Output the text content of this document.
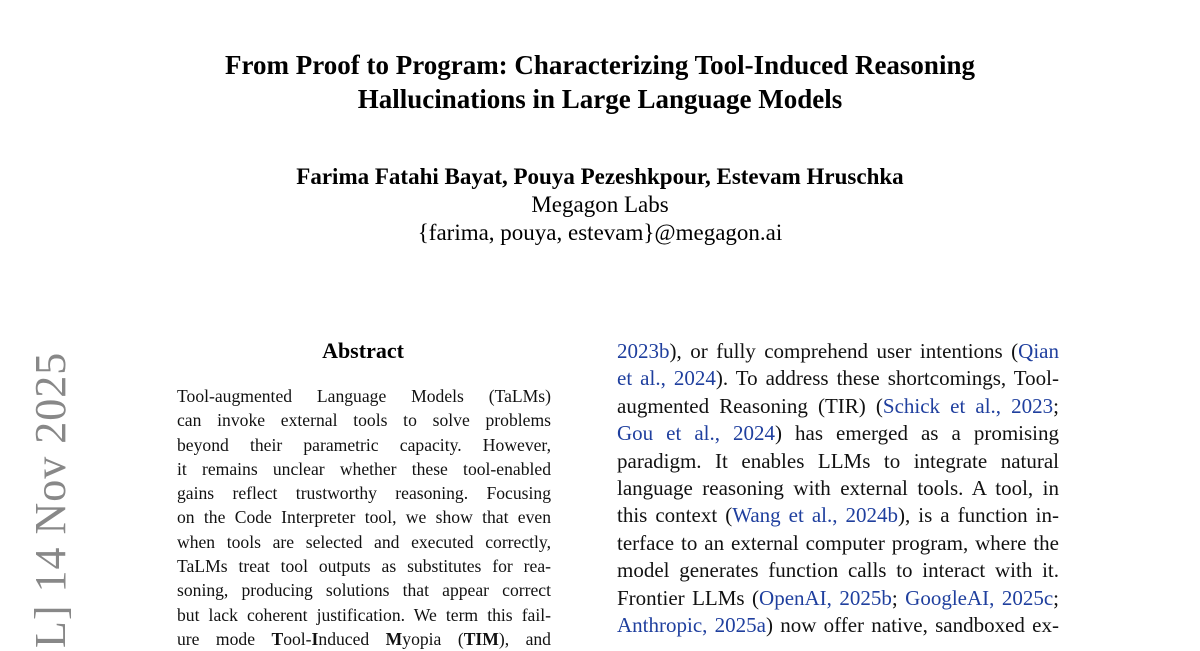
From Proof to Program: Characterizing Tool-Induced Reasoning
Hallucinations in Large Language Models
Farima Fatahi Bayat, Pouya Pezeshkpour, Estevam Hruschka
Megagon Labs
{farima, pouya, estevam}@megagon.ai
L] 14 Nov 2025
Abstract
Tool-augmented Language Models (TaLMs)
can invoke external tools to solve problems
beyond their parametric capacity. However,
it remains unclear whether these tool-enabled
gains reflect trustworthy reasoning. Focusing
on the Code Interpreter tool, we show that even
when tools are selected and executed correctly,
TaLMs treat tool outputs as substitutes for rea-
soning, producing solutions that appear correct
but lack coherent justification. We term this fail-
ure mode Tool-Induced Myopia (TIM), and
2023b), or fully comprehend user intentions (Qian
et al., 2024). To address these shortcomings, Tool-
augmented Reasoning (TIR) (Schick et al., 2023;
Gou et al., 2024) has emerged as a promising
paradigm. It enables LLMs to integrate natural
language reasoning with external tools. A tool, in
this context (Wang et al., 2024b), is a function in-
terface to an external computer program, where the
model generates function calls to interact with it.
Frontier LLMs (OpenAI, 2025b; GoogleAI, 2025c;
Anthropic, 2025a) now offer native, sandboxed ex-
